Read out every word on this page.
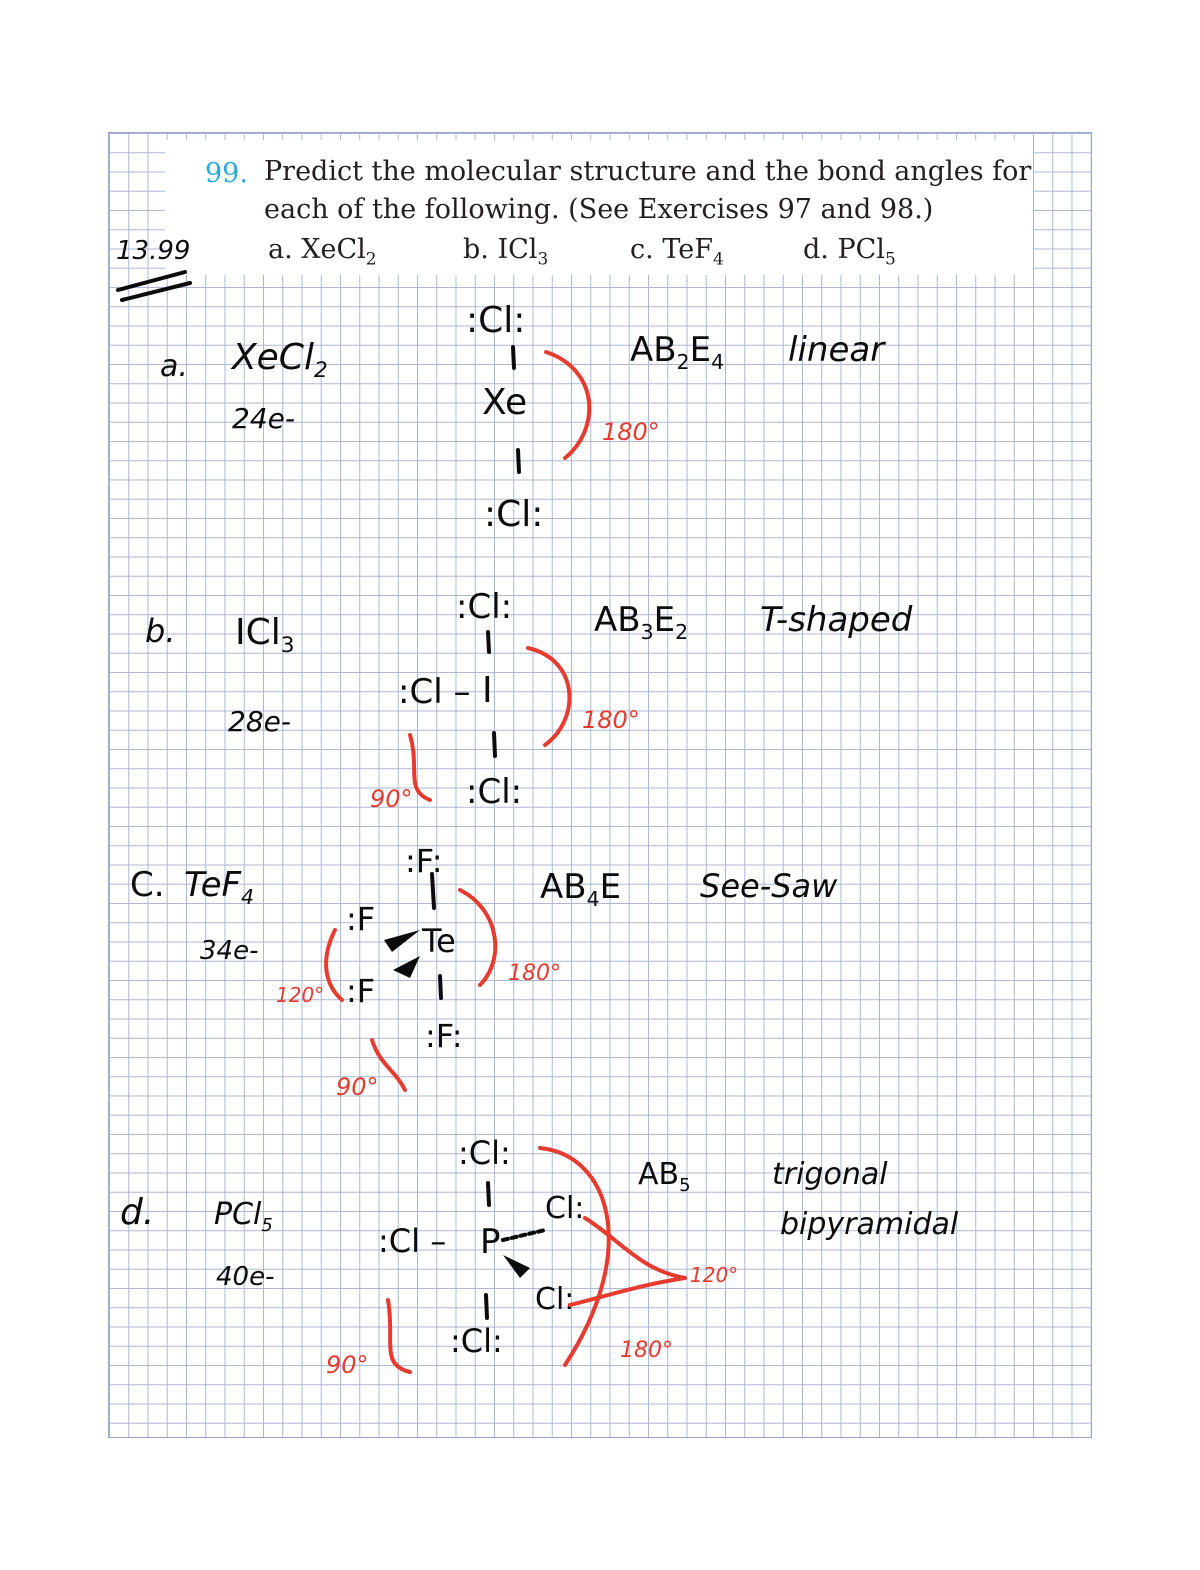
99. Predict the molecular structure and the bond angles for
each of the following. (See Exercises 97 and 98.)
a. XeCl$_2$	b. ICl$_3$	c. TeF$_4$	d. PCl$_5$
13.99
a. XeCl$_2$
24e-
:Cl:
Xe
:Cl:
$AB_2E_4$ linear
180°
b. ICl$_3$
28e-
:Cl:
:Cl – I
:Cl:
$AB_3E_2$ T-shaped
180°
90°
C. TeF$_4$
34e-
:F:
:F
Te
:F
:F:
$AB_4E$ See-Saw
180°
120°
90°
d. PCl$_5$
40e-
:Cl:
:Cl – P
Cl:
Cl:
:Cl:
$AB_5$	trigonal
bipyramidal
120°
180°
90°
